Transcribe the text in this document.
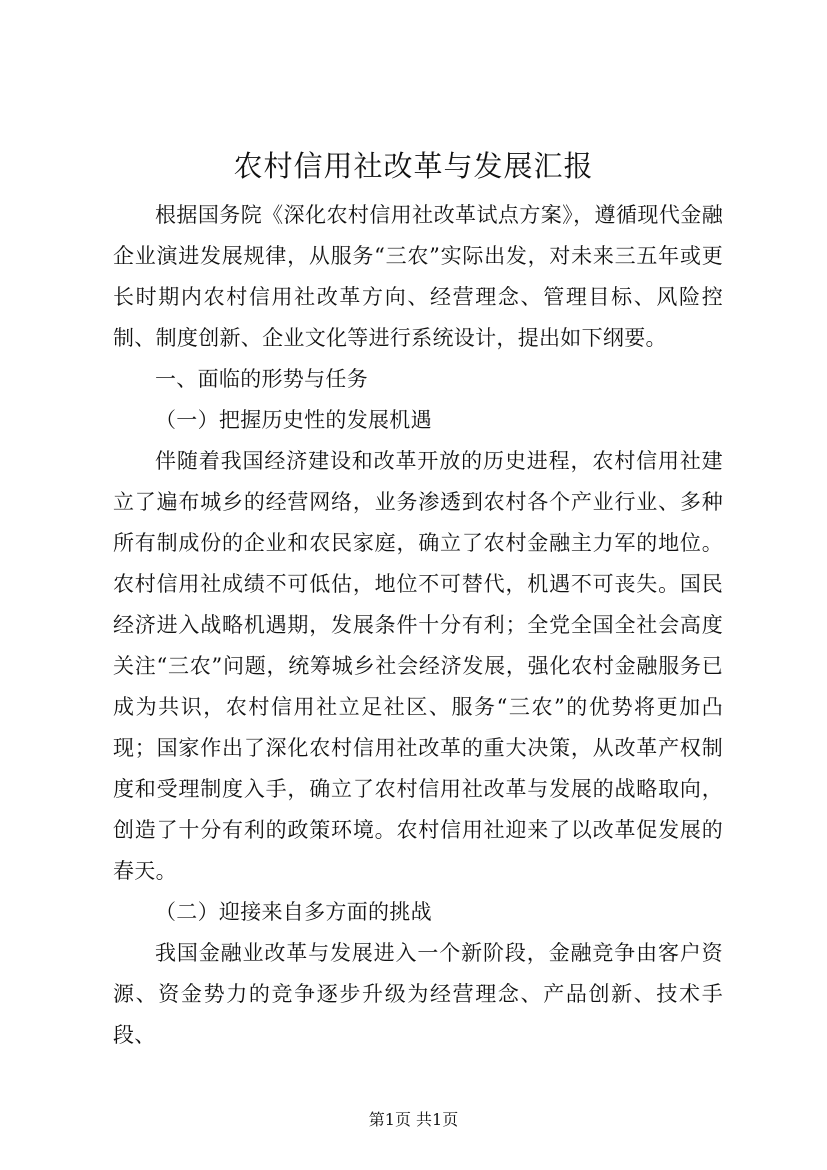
农村信用社改革与发展汇报

根据国务院《深化农村信用社改革试点方案》，遵循现代金融企业演进发展规律，从服务“三农”实际出发，对未来三五年或更长时期内农村信用社改革方向、经营理念、管理目标、风险控制、制度创新、企业文化等进行系统设计，提出如下纲要。

一、面临的形势与任务

（一）把握历史性的发展机遇

伴随着我国经济建设和改革开放的历史进程，农村信用社建立了遍布城乡的经营网络，业务渗透到农村各个产业行业、多种所有制成份的企业和农民家庭，确立了农村金融主力军的地位。农村信用社成绩不可低估，地位不可替代，机遇不可丧失。国民经济进入战略机遇期，发展条件十分有利；全党全国全社会高度关注“三农”问题，统筹城乡社会经济发展，强化农村金融服务已成为共识，农村信用社立足社区、服务“三农”的优势将更加凸现；国家作出了深化农村信用社改革的重大决策，从改革产权制度和受理制度入手，确立了农村信用社改革与发展的战略取向，创造了十分有利的政策环境。农村信用社迎来了以改革促发展的春天。

（二）迎接来自多方面的挑战

我国金融业改革与发展进入一个新阶段，金融竞争由客户资源、资金势力的竞争逐步升级为经营理念、产品创新、技术手段、

第1页 共1页
